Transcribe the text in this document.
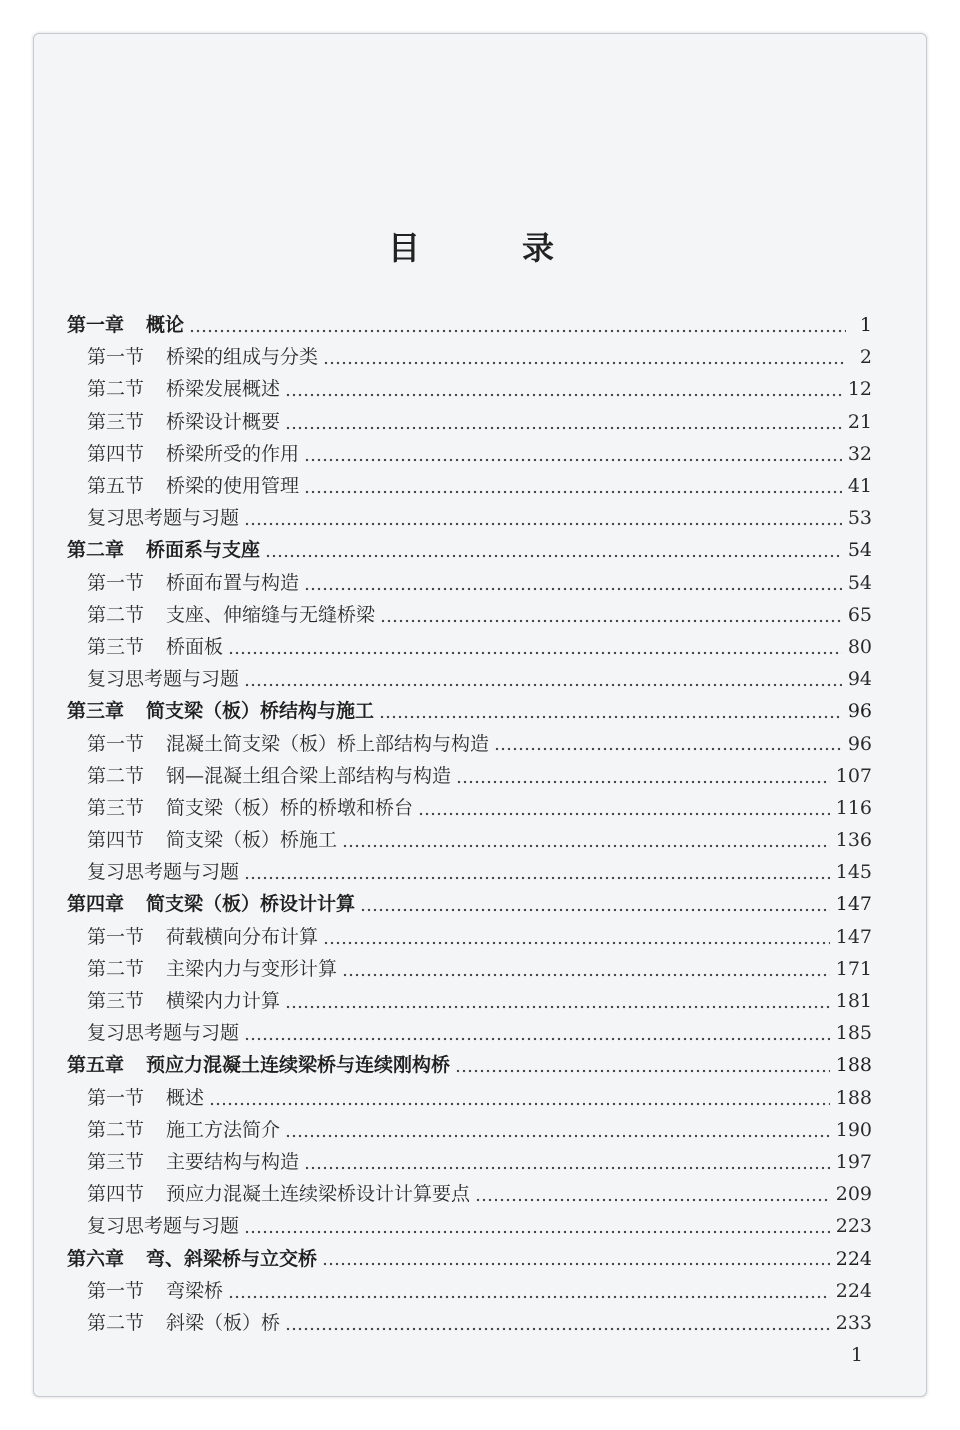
目录
第一章	概论	1
第一节	桥梁的组成与分类	2
第二节	桥梁发展概述	12
第三节	桥梁设计概要	21
第四节	桥梁所受的作用	32
第五节	桥梁的使用管理	41
复习思考题与习题	53
第二章	桥面系与支座	54
第一节	桥面布置与构造	54
第二节	支座、伸缩缝与无缝桥梁	65
第三节	桥面板	80
复习思考题与习题	94
第三章	简支梁（板）桥结构与施工	96
第一节	混凝土简支梁（板）桥上部结构与构造	96
第二节	钢—混凝土组合梁上部结构与构造	107
第三节	简支梁（板）桥的桥墩和桥台	116
第四节	简支梁（板）桥施工	136
复习思考题与习题	145
第四章	简支梁（板）桥设计计算	147
第一节	荷载横向分布计算	147
第二节	主梁内力与变形计算	171
第三节	横梁内力计算	181
复习思考题与习题	185
第五章	预应力混凝土连续梁桥与连续刚构桥	188
第一节	概述	188
第二节	施工方法简介	190
第三节	主要结构与构造	197
第四节	预应力混凝土连续梁桥设计计算要点	209
复习思考题与习题	223
第六章	弯、斜梁桥与立交桥	224
第一节	弯梁桥	224
第二节	斜梁（板）桥	233
1
